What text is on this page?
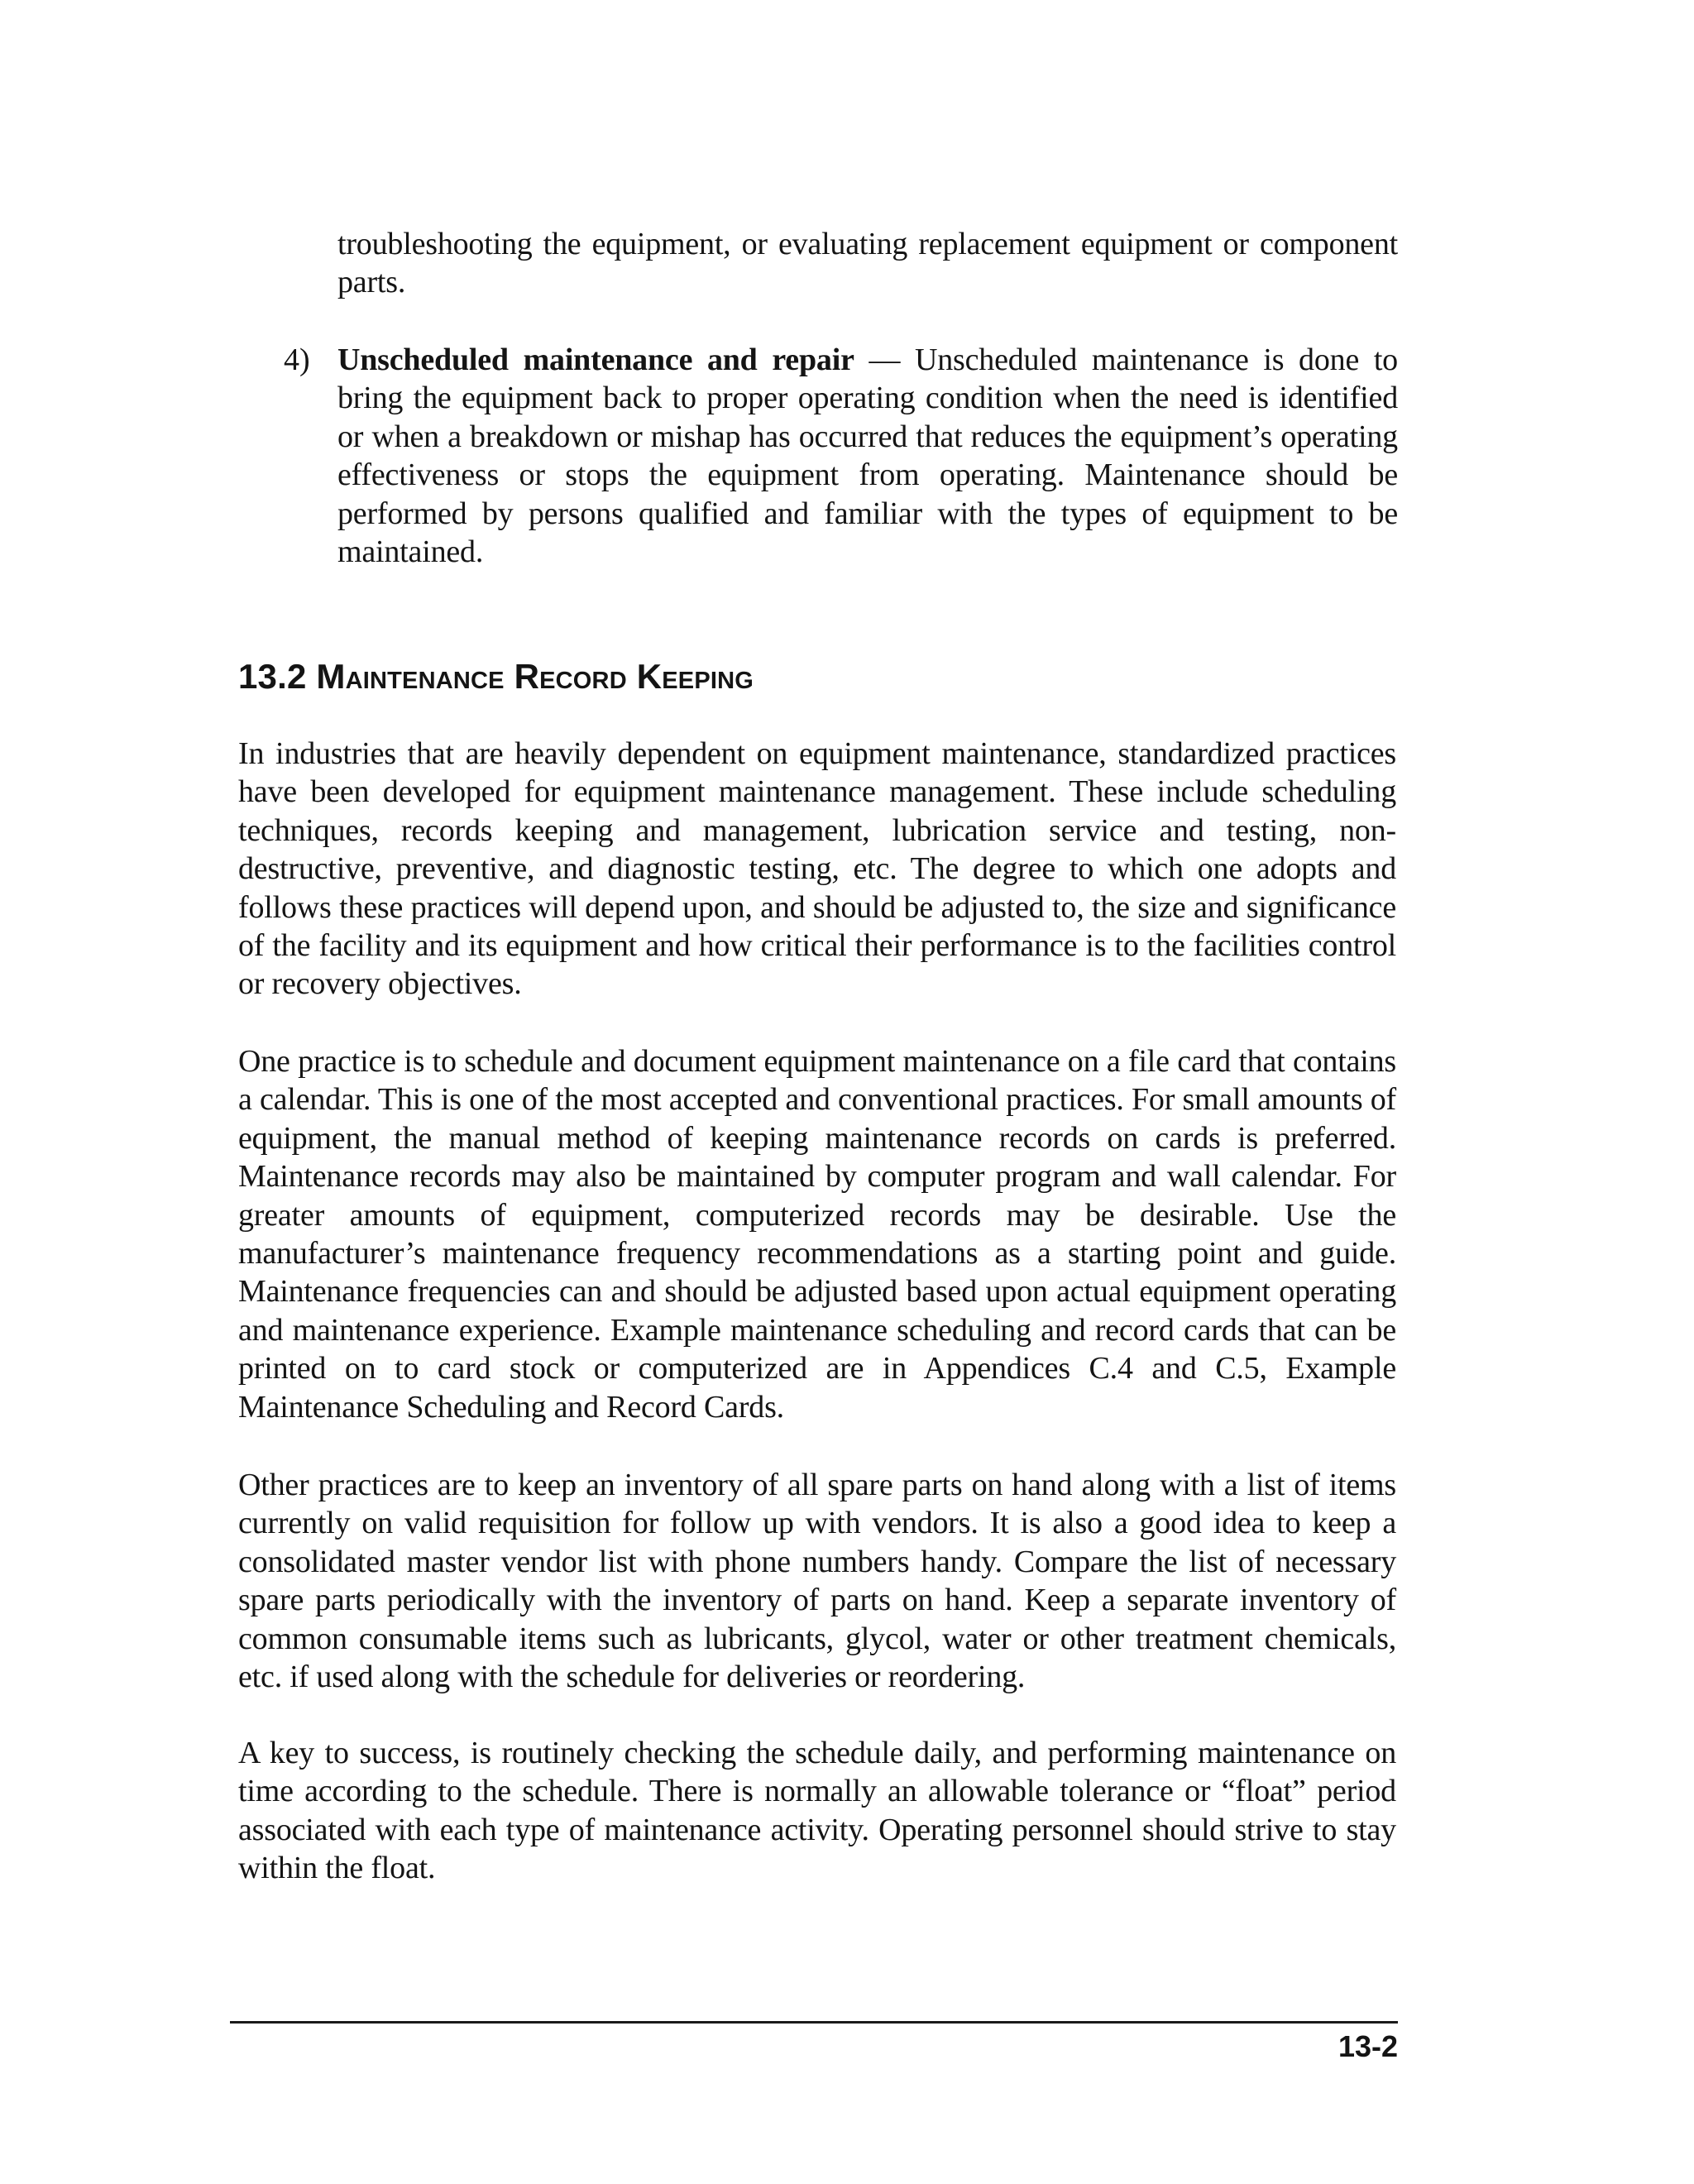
troubleshooting the equipment, or evaluating replacement equipment or component parts.

4) Unscheduled maintenance and repair — Unscheduled maintenance is done to bring the equipment back to proper operating condition when the need is identified or when a breakdown or mishap has occurred that reduces the equipment’s operating effectiveness or stops the equipment from operating. Maintenance should be performed by persons qualified and familiar with the types of equipment to be maintained.

13.2 Maintenance Record Keeping

In industries that are heavily dependent on equipment maintenance, standardized practices have been developed for equipment maintenance management. These include scheduling techniques, records keeping and management, lubrication service and testing, non-destructive, preventive, and diagnostic testing, etc. The degree to which one adopts and follows these practices will depend upon, and should be adjusted to, the size and significance of the facility and its equipment and how critical their performance is to the facilities control or recovery objectives.

One practice is to schedule and document equipment maintenance on a file card that contains a calendar. This is one of the most accepted and conventional practices. For small amounts of equipment, the manual method of keeping maintenance records on cards is preferred. Maintenance records may also be maintained by computer program and wall calendar. For greater amounts of equipment, computerized records may be desirable. Use the manufacturer’s maintenance frequency recommendations as a starting point and guide. Maintenance frequencies can and should be adjusted based upon actual equipment operating and maintenance experience. Example maintenance scheduling and record cards that can be printed on to card stock or computerized are in Appendices C.4 and C.5, Example Maintenance Scheduling and Record Cards.

Other practices are to keep an inventory of all spare parts on hand along with a list of items currently on valid requisition for follow up with vendors. It is also a good idea to keep a consolidated master vendor list with phone numbers handy. Compare the list of necessary spare parts periodically with the inventory of parts on hand. Keep a separate inventory of common consumable items such as lubricants, glycol, water or other treatment chemicals, etc. if used along with the schedule for deliveries or reordering.

A key to success, is routinely checking the schedule daily, and performing maintenance on time according to the schedule. There is normally an allowable tolerance or “float” period associated with each type of maintenance activity. Operating personnel should strive to stay within the float.

13-2
